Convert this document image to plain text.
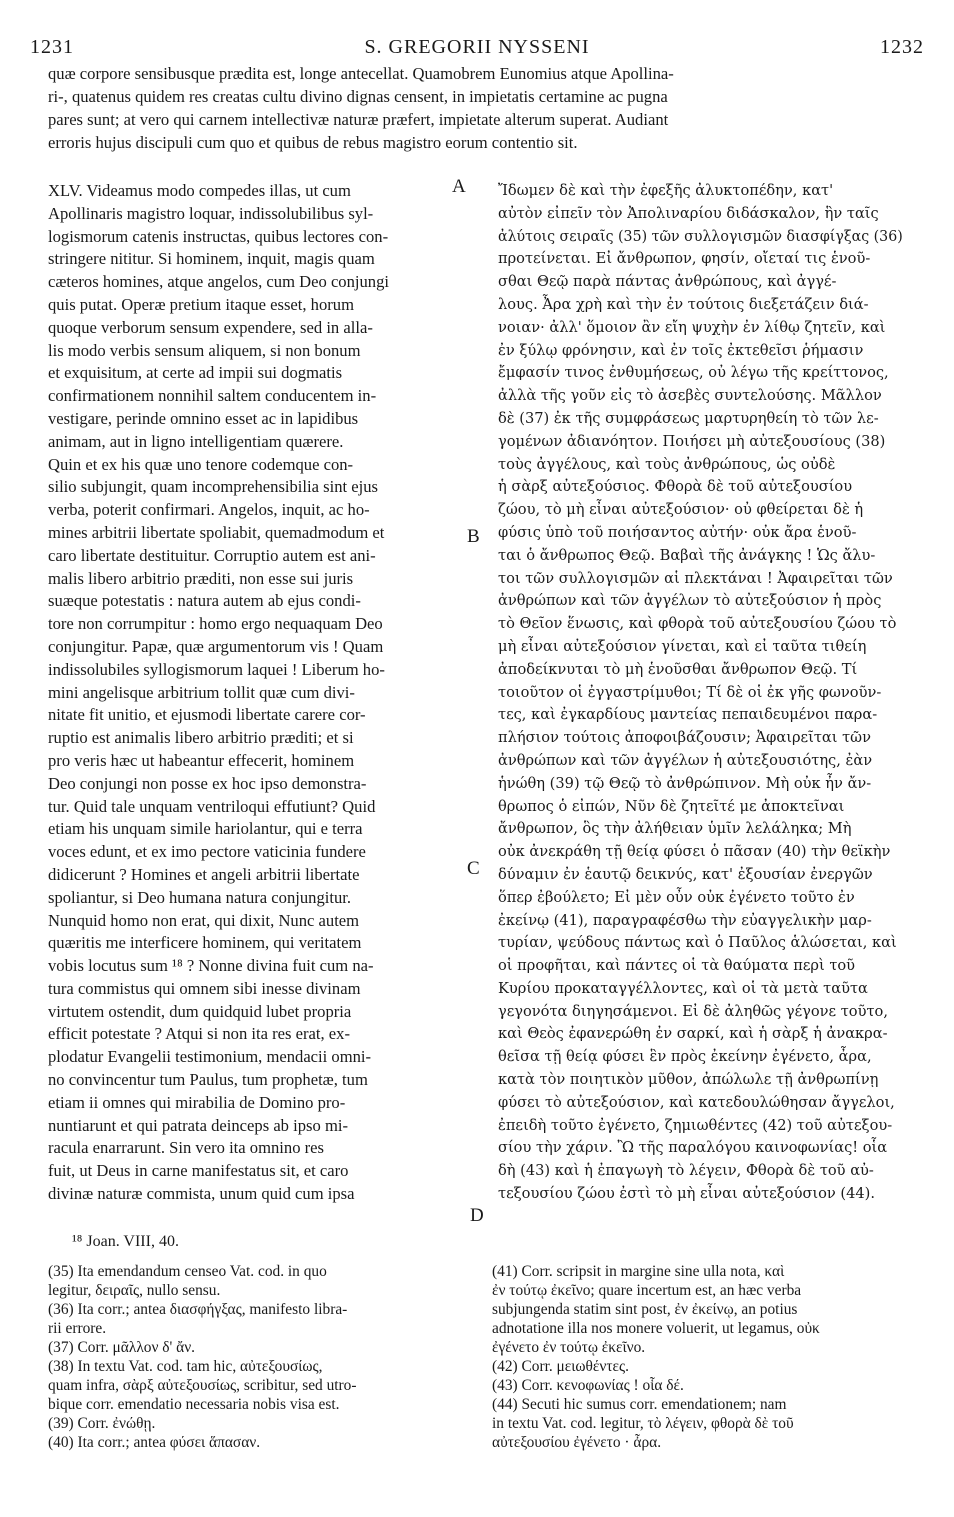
1231	S. GREGORII NYSSENI	1232
quæ corpore sensibusque prædita est, longe antecellat. Quamobrem Eunomius atque Apollina-
ri-, quatenus quidem res creatas cultu divino dignas censent, in impietatis certamine ac pugna
pares sunt; at vero qui carnem intellectivæ naturæ præfert, impietate alterum superat. Audiant
erroris hujus discipuli cum quo et quibus de rebus magistro eorum contentio sit.
XLV. Videamus modo compedes illas, ut cum
Apollinaris magistro loquar, indissolubilibus syl-
logismorum catenis instructas, quibus lectores con-
stringere nititur. Si hominem, inquit, magis quam
cæteros homines, atque angelos, cum Deo conjungi
quis putat. Operæ pretium itaque esset, horum
quoque verborum sensum expendere, sed in alla-
lis modo verbis sensum aliquem, si non bonum
et exquisitum, at certe ad impii sui dogmatis
confirmationem nonnihil saltem conducentem in-
vestigare, perinde omnino esset ac in lapidibus
animam, aut in ligno intelligentiam quærere.
Quin et ex his quæ uno tenore codemque con-
silio subjungit, quam incomprehensibilia sint ejus
verba, poterit confirmari. Angelos, inquit, ac ho-
mines arbitrii libertate spoliabit, quemadmodum et
caro libertate destituitur. Corruptio autem est ani-
malis libero arbitrio præditi, non esse sui juris
suæque potestatis : natura autem ab ejus condi-
tore non corrumpitur : homo ergo nequaquam Deo
conjungitur. Papæ, quæ argumentorum vis ! Quam
indissolubiles syllogismorum laquei ! Liberum ho-
mini angelisque arbitrium tollit quæ cum divi-
nitate fit unitio, et ejusmodi libertate carere cor-
ruptio est animalis libero arbitrio præditi; et si
pro veris hæc ut habeantur effecerit, hominem
Deo conjungi non posse ex hoc ipso demonstra-
tur. Quid tale unquam ventriloqui effutiunt? Quid
etiam his unquam simile hariolantur, qui e terra
voces edunt, et ex imo pectore vaticinia fundere
didicerunt ? Homines et angeli arbitrii libertate
spoliantur, si Deo humana natura conjungitur.
Nunquid homo non erat, qui dixit, Nunc autem
quæritis me interficere hominem, qui veritatem
vobis locutus sum ¹⁸ ? Nonne divina fuit cum na-
tura commistus qui omnem sibi inesse divinam
virtutem ostendit, dum quidquid lubet propria
efficit potestate ? Atqui si non ita res erat, ex-
plodatur Evangelii testimonium, mendacii omni-
no convincentur tum Paulus, tum prophetæ, tum
etiam ii omnes qui mirabilia de Domino pro-
nuntiarunt et qui patrata deinceps ab ipso mi-
racula enarrarunt. Sin vero ita omnino res
fuit, ut Deus in carne manifestatus sit, et caro
divinæ naturæ commista, unum quid cum ipsa
Ἴδωμεν δὲ καὶ τὴν ἐφεξῆς ἀλυκτοπέδην, κατ'
αὐτὸν εἰπεῖν τὸν Ἀπολιναρίου διδάσκαλον, ἣν ταῖς
ἀλύτοις σειραῖς (35) τῶν συλλογισμῶν διασφίγξας (36)
προτείνεται. Εἰ ἄνθρωπον, φησίν, οἴεταί τις ἑνοῦ-
σθαι Θεῷ παρὰ πάντας ἀνθρώπους, καὶ ἀγγέ-
λους. Ἆρα χρὴ καὶ τὴν ἐν τούτοις διεξετάζειν διά-
νοιαν· ἀλλ' ὅμοιον ἂν εἴη ψυχὴν ἐν λίθῳ ζητεῖν, καὶ
ἐν ξύλῳ φρόνησιν, καὶ ἐν τοῖς ἐκτεθεῖσι ῥήμασιν
ἔμφασίν τινος ἐνθυμήσεως, οὐ λέγω τῆς κρείττονος,
ἀλλὰ τῆς γοῦν εἰς τὸ ἀσεβὲς συντελούσης. Μᾶλλον
δὲ (37) ἐκ τῆς συμφράσεως μαρτυρηθείη τὸ τῶν λε-
γομένων ἀδιανόητον. Ποιήσει μὴ αὐτεξουσίους (38)
τοὺς ἀγγέλους, καὶ τοὺς ἀνθρώπους, ὡς οὐδὲ
ἡ σὰρξ αὐτεξούσιος. Φθορὰ δὲ τοῦ αὐτεξουσίου
ζώου, τὸ μὴ εἶναι αὐτεξούσιον· οὐ φθείρεται δὲ ἡ
φύσις ὑπὸ τοῦ ποιήσαντος αὐτήν· οὐκ ἄρα ἑνοῦ-
ται ὁ ἄνθρωπος Θεῷ. Βαβαὶ τῆς ἀνάγκης ! Ὡς ἄλυ-
τοι τῶν συλλογισμῶν αἱ πλεκτάναι ! Ἀφαιρεῖται τῶν
ἀνθρώπων καὶ τῶν ἀγγέλων τὸ αὐτεξούσιον ἡ πρὸς
τὸ Θεῖον ἕνωσις, καὶ φθορὰ τοῦ αὐτεξουσίου ζώου τὸ
μὴ εἶναι αὐτεξούσιον γίνεται, καὶ εἰ ταῦτα τιθείη
ἀποδείκνυται τὸ μὴ ἑνοῦσθαι ἄνθρωπον Θεῷ. Τί
τοιοῦτον οἱ ἐγγαστρίμυθοι; Τί δὲ οἱ ἐκ γῆς φωνοῦν-
τες, καὶ ἐγκαρδίους μαντείας πεπαιδευμένοι παρα-
πλήσιον τούτοις ἀποφοιβάζουσιν; Ἀφαιρεῖται τῶν
ἀνθρώπων καὶ τῶν ἀγγέλων ἡ αὐτεξουσιότης, ἐὰν
ἡνώθη (39) τῷ Θεῷ τὸ ἀνθρώπινον. Μὴ οὐκ ἦν ἄν-
θρωπος ὁ εἰπών, Νῦν δὲ ζητεῖτέ με ἀποκτεῖναι
ἄνθρωπον, ὃς τὴν ἀλήθειαν ὑμῖν λελάληκα; Μὴ
οὐκ ἀνεκράθη τῇ θείᾳ φύσει ὁ πᾶσαν (40) τὴν θεϊκὴν
δύναμιν ἐν ἑαυτῷ δεικνύς, κατ' ἐξουσίαν ἐνεργῶν
ὅπερ ἐβούλετο; Εἰ μὲν οὖν οὐκ ἐγένετο τοῦτο ἐν
ἐκείνῳ (41), παραγραφέσθω τὴν εὐαγγελικὴν μαρ-
τυρίαν, ψεύδους πάντως καὶ ὁ Παῦλος ἁλώσεται, καὶ
οἱ προφῆται, καὶ πάντες οἱ τὰ θαύματα περὶ τοῦ
Κυρίου προκαταγγέλλοντες, καὶ οἱ τὰ μετὰ ταῦτα
γεγονότα διηγησάμενοι. Εἰ δὲ ἀληθῶς γέγονε τοῦτο,
καὶ Θεὸς ἐφανερώθη ἐν σαρκί, καὶ ἡ σὰρξ ἡ ἀνακρα-
θεῖσα τῇ θείᾳ φύσει ἓν πρὸς ἐκείνην ἐγένετο, ἆρα,
κατὰ τὸν ποιητικὸν μῦθον, ἀπώλωλε τῇ ἀνθρωπίνῃ
φύσει τὸ αὐτεξούσιον, καὶ κατεδουλώθησαν ἄγγελοι,
ἐπειδὴ τοῦτο ἐγένετο, ζημιωθέντες (42) τοῦ αὐτεξου-
σίου τὴν χάριν. Ὢ τῆς παραλόγου καινοφωνίας! οἷα
δὴ (43) καὶ ἡ ἐπαγωγὴ τὸ λέγειν, Φθορὰ δὲ τοῦ αὐ-
τεξουσίου ζώου ἐστὶ τὸ μὴ εἶναι αὐτεξούσιον (44).
A
B
C
D
¹⁸ Joan. VIII, 40.
(35) Ita emendandum censeo Vat. cod. in quo
legitur, δειραῖς, nullo sensu.
(36) Ita corr.; antea διασφήγξας, manifesto libra-
rii errore.
(37) Corr. μᾶλλον δ' ἄν.
(38) In textu Vat. cod. tam hic, αὐτεξουσίως,
quam infra, σὰρξ αὐτεξουσίως, scribitur, sed utro-
bique corr. emendatio necessaria nobis visa est.
(39) Corr. ἐνώθῃ.
(40) Ita corr.; antea φύσει ἅπασαν.
(41) Corr. scripsit in margine sine ulla nota, καὶ
ἐν τούτῳ ἐκεῖνο; quare incertum est, an hæc verba
subjungenda statim sint post, ἐν ἐκείνῳ, an potius
adnotatione illa nos monere voluerit, ut legamus, οὐκ
ἐγένετο ἐν τούτῳ ἐκεῖνο.
(42) Corr. μειωθέντες.
(43) Corr. κενοφωνίας ! οἷα δέ.
(44) Secuti hic sumus corr. emendationem; nam
in textu Vat. cod. legitur, τὸ λέγειν, φθορὰ δὲ τοῦ
αὐτεξουσίου ἐγένετο · ἆρα.
